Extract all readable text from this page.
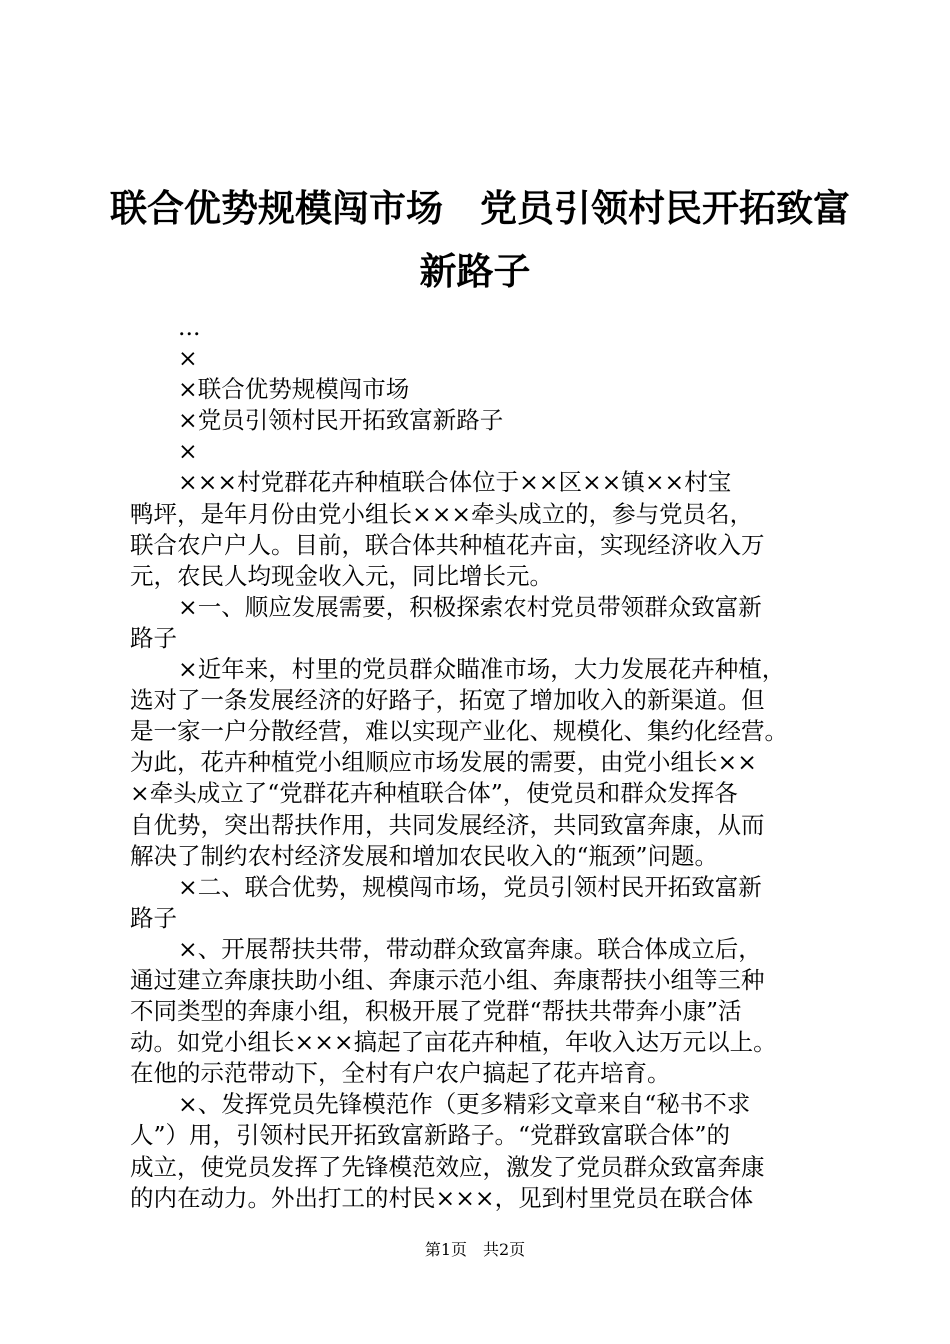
联合优势规模闯市场　党员引领村民开拓致富
新路子
...
×
×联合优势规模闯市场
×党员引领村民开拓致富新路子
×
×××村党群花卉种植联合体位于××区××镇××村宝
鸭坪，是年月份由党小组长×××牵头成立的，参与党员名，
联合农户户人。目前，联合体共种植花卉亩，实现经济收入万
元，农民人均现金收入元，同比增长元。
×一、顺应发展需要，积极探索农村党员带领群众致富新
路子
×近年来，村里的党员群众瞄准市场，大力发展花卉种植，
选对了一条发展经济的好路子，拓宽了增加收入的新渠道。但
是一家一户分散经营，难以实现产业化、规模化、集约化经营。
为此，花卉种植党小组顺应市场发展的需要，由党小组长××
×牵头成立了“党群花卉种植联合体”，使党员和群众发挥各
自优势，突出帮扶作用，共同发展经济，共同致富奔康，从而
解决了制约农村经济发展和增加农民收入的“瓶颈”问题。
×二、联合优势，规模闯市场，党员引领村民开拓致富新
路子
×、开展帮扶共带，带动群众致富奔康。联合体成立后，
通过建立奔康扶助小组、奔康示范小组、奔康帮扶小组等三种
不同类型的奔康小组，积极开展了党群“帮扶共带奔小康”活
动。如党小组长×××搞起了亩花卉种植，年收入达万元以上。
在他的示范带动下，全村有户农户搞起了花卉培育。
×、发挥党员先锋模范作（更多精彩文章来自“秘书不求
人”）用，引领村民开拓致富新路子。“党群致富联合体”的
成立，使党员发挥了先锋模范效应，激发了党员群众致富奔康
的内在动力。外出打工的村民×××，见到村里党员在联合体
第1页　共2页
